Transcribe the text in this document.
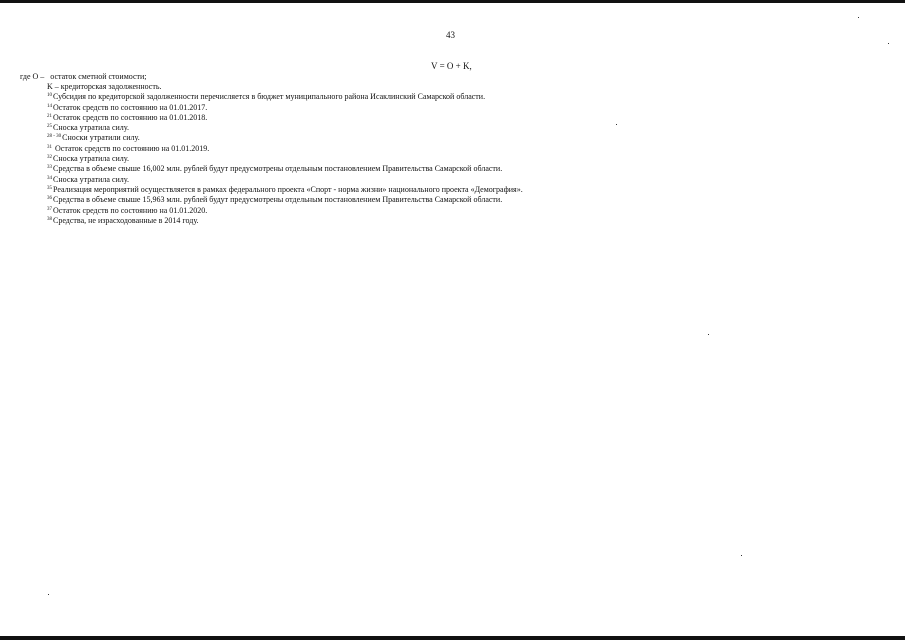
43
V = O + K,
где O – остаток сметной стоимости;
K – кредиторская задолженность.
$^{10}$Субсидия по кредиторской задолженности перечисляется в бюджет муниципального района Исаклинский Самарской области.
$^{14}$Остаток средств по состоянию на 01.01.2017.
$^{21}$Остаток средств по состоянию на 01.01.2018.
$^{25}$Сноска утратила силу.
$^{28 - 30}$Сноски утратили силу.
$^{31}$ Остаток средств по состоянию на 01.01.2019.
$^{32}$Сноска утратила силу.
$^{33}$Средства в объеме свыше 16,002 млн. рублей будут предусмотрены отдельным постановлением Правительства Самарской области.
$^{34}$Сноска утратила силу.
$^{35}$Реализация мероприятий осуществляется в рамках федерального проекта «Спорт - норма жизни» национального проекта «Демография».
$^{36}$Средства в объеме свыше 15,963 млн. рублей будут предусмотрены отдельным постановлением Правительства Самарской области.
$^{37}$Остаток средств по состоянию на 01.01.2020.
$^{38}$Средства, не израсходованные в 2014 году.
